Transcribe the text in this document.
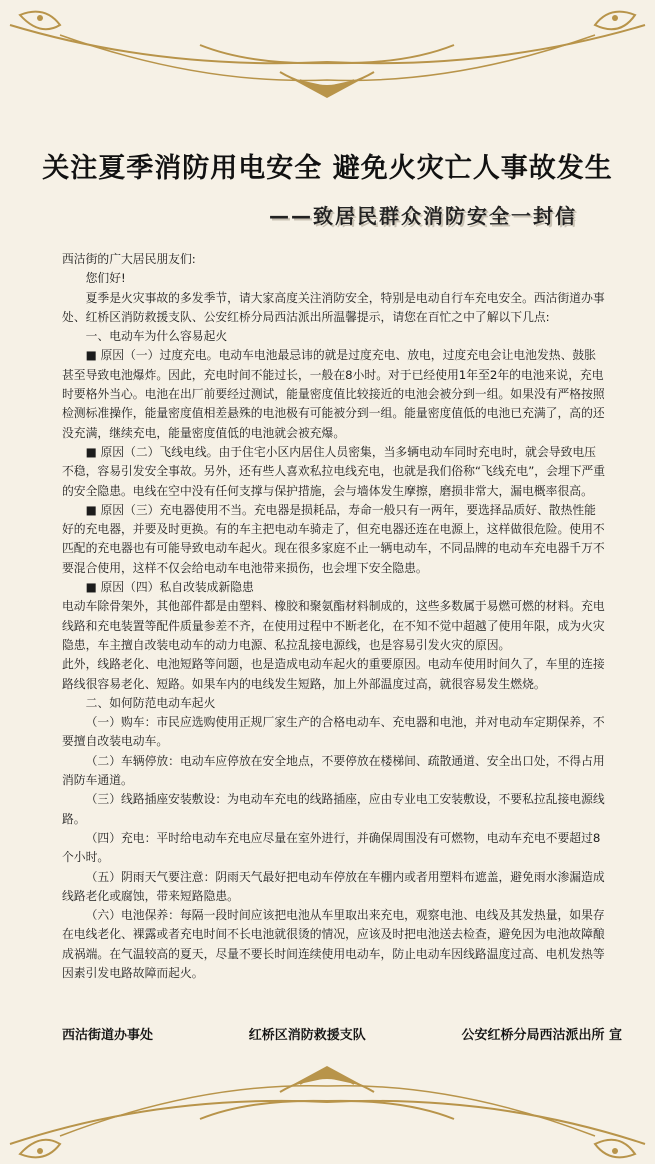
关注夏季消防用电安全 避免火灾亡人事故发生
——致居民群众消防安全一封信

西沽街的广大居民朋友们:

您们好!

夏季是火灾事故的多发季节，请大家高度关注消防安全，特别是电动自行车充电安全。西沽街道办事处、红桥区消防救援支队、公安红桥分局西沽派出所温馨提示，请您在百忙之中了解以下几点:

一、电动车为什么容易起火

■ 原因（一）过度充电。电动车电池最忌讳的就是过度充电、放电，过度充电会让电池发热、鼓胀甚至导致电池爆炸。因此，充电时间不能过长，一般在8小时。对于已经使用1年至2年的电池来说，充电时要格外当心。电池在出厂前要经过测试，能量密度值比较接近的电池会被分到一组。如果没有严格按照检测标准操作，能量密度值相差悬殊的电池极有可能被分到一组。能量密度值低的电池已充满了，高的还没充满，继续充电，能量密度值低的电池就会被充爆。

■ 原因（二）飞线电线。由于住宅小区内居住人员密集，当多辆电动车同时充电时，就会导致电压不稳，容易引发安全事故。另外，还有些人喜欢私拉电线充电，也就是我们俗称“飞线充电”，会埋下严重的安全隐患。电线在空中没有任何支撑与保护措施，会与墙体发生摩擦，磨损非常大，漏电概率很高。

■ 原因（三）充电器使用不当。充电器是损耗品，寿命一般只有一两年，要选择品质好、散热性能好的充电器，并要及时更换。有的车主把电动车骑走了，但充电器还连在电源上，这样做很危险。使用不匹配的充电器也有可能导致电动车起火。现在很多家庭不止一辆电动车，不同品牌的电动车充电器千万不要混合使用，这样不仅会给电动车电池带来损伤，也会埋下安全隐患。

■ 原因（四）私自改装成新隐患

电动车除骨架外，其他部件都是由塑料、橡胶和聚氨酯材料制成的，这些多数属于易燃可燃的材料。充电线路和充电装置等配件质量参差不齐，在使用过程中不断老化，在不知不觉中超越了使用年限，成为火灾隐患，车主擅自改装电动车的动力电源、私拉乱接电源线，也是容易引发火灾的原因。

此外，线路老化、电池短路等问题，也是造成电动车起火的重要原因。电动车使用时间久了，车里的连接路线很容易老化、短路。如果车内的电线发生短路，加上外部温度过高，就很容易发生燃烧。

二、如何防范电动车起火

（一）购车：市民应选购使用正规厂家生产的合格电动车、充电器和电池，并对电动车定期保养，不要擅自改装电动车。

（二）车辆停放：电动车应停放在安全地点，不要停放在楼梯间、疏散通道、安全出口处，不得占用消防车通道。

（三）线路插座安装敷设：为电动车充电的线路插座，应由专业电工安装敷设，不要私拉乱接电源线路。

（四）充电：平时给电动车充电应尽量在室外进行，并确保周围没有可燃物，电动车充电不要超过8个小时。

（五）阴雨天气要注意：阴雨天气最好把电动车停放在车棚内或者用塑料布遮盖，避免雨水渗漏造成线路老化或腐蚀，带来短路隐患。

（六）电池保养：每隔一段时间应该把电池从车里取出来充电，观察电池、电线及其发热量，如果存在电线老化、裸露或者充电时间不长电池就很烫的情况，应该及时把电池送去检查，避免因为电池故障酿成祸端。在气温较高的夏天，尽量不要长时间连续使用电动车，防止电动车因线路温度过高、电机发热等因素引发电路故障而起火。

西沽街道办事处	红桥区消防救援支队	公安红桥分局西沽派出所 宣
